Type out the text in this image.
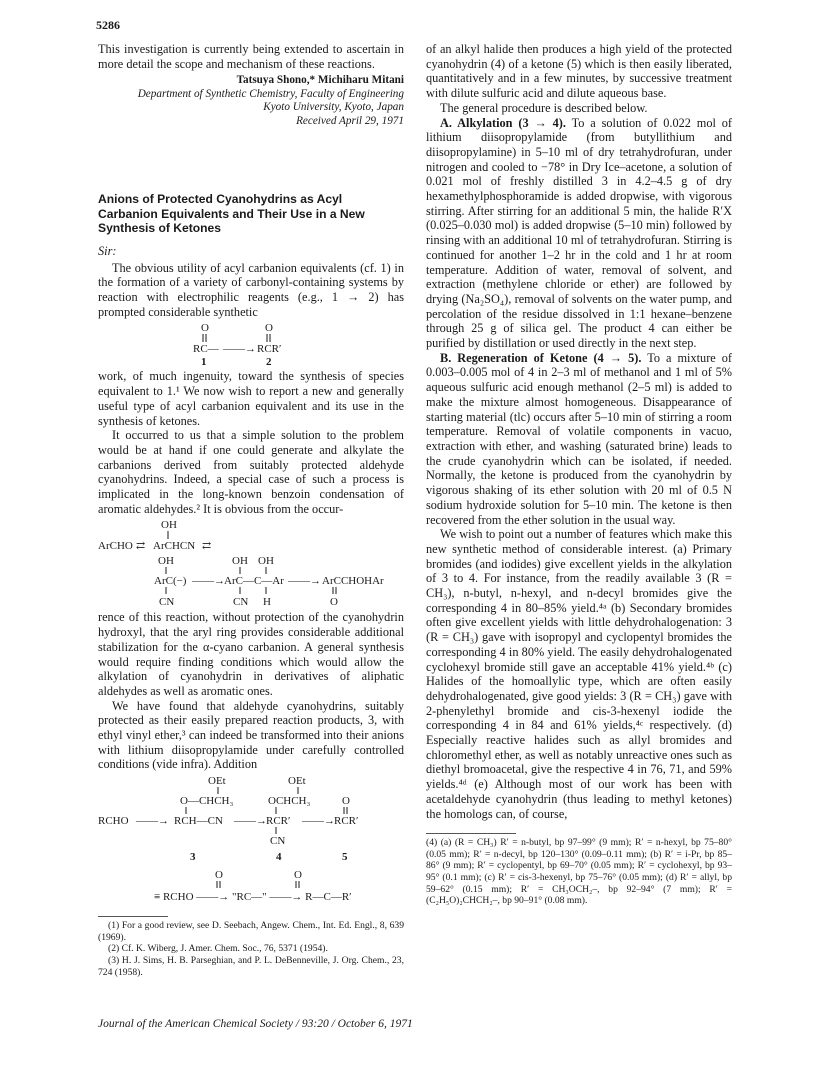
5286

This investigation is currently being extended to ascertain in more detail the scope and mechanism of these reactions.

Tatsuya Shono,* Michiharu Mitani
Department of Synthetic Chemistry, Faculty of Engineering
Kyoto University, Kyoto, Japan
Received April 29, 1971
Anions of Protected Cyanohydrins as Acyl Carbanion Equivalents and Their Use in a New Synthesis of Ketones
Sir:

The obvious utility of acyl carbanion equivalents (cf. 1) in the formation of a variety of carbonyl-containing systems by reaction with electrophilic reagents (e.g., 1 → 2) has prompted considerable synthetic

O	O
RC— ——→ RCR′
1	2

work, of much ingenuity, toward the synthesis of species equivalent to 1.¹ We now wish to report a new and generally useful type of acyl carbanion equivalent and its use in the synthesis of ketones.

It occurred to us that a simple solution to the problem would be at hand if one could generate and alkylate the carbanions derived from suitably protected aldehyde cyanohydrins. Indeed, a special case of such a process is implicated in the long-known benzoin condensation of aromatic aldehydes.² It is obvious from the occur-

OH
ArCHO ⇄ ArCHCN ⇄
OH	OH OH
ArC(−) ——→ ArC—C—Ar ——→ ArCCHOHAr
CN	CN H	O

rence of this reaction, without protection of the cyanohydrin hydroxyl, that the aryl ring provides considerable additional stabilization for the α-cyano carbanion. A general synthesis would require finding conditions which would allow the alkylation of cyanohydrin in derivatives of aliphatic aldehydes as well as aromatic ones.

We have found that aldehyde cyanohydrins, suitably protected as their easily prepared reaction products, 3, with ethyl vinyl ether,³ can indeed be transformed into their anions with lithium diisopropylamide under carefully controlled conditions (vide infra). Addition

OEt	OEt
O—CHCH₃	OCHCH₃	O
RCHO ——→ RCH—CN ——→ RCR′ ——→ RCR′
CN
3	4	5
O	O
≡ RCHO ——→ "RC—" ——→ R—C—R′
(1) For a good review, see D. Seebach, Angew. Chem., Int. Ed. Engl., 8, 639 (1969).
(2) Cf. K. Wiberg, J. Amer. Chem. Soc., 76, 5371 (1954).
(3) H. J. Sims, H. B. Parseghian, and P. L. DeBenneville, J. Org. Chem., 23, 724 (1958).

of an alkyl halide then produces a high yield of the protected cyanohydrin (4) of a ketone (5) which is then easily liberated, quantitatively and in a few minutes, by successive treatment with dilute sulfuric acid and dilute aqueous base.

The general procedure is described below.

A. Alkylation (3 → 4). To a solution of 0.022 mol of lithium diisopropylamide (from butyllithium and diisopropylamine) in 5–10 ml of dry tetrahydrofuran, under nitrogen and cooled to −78° in Dry Ice–acetone, a solution of 0.021 mol of freshly distilled 3 in 4.2–4.5 g of dry hexamethylphosphoramide is added dropwise, with vigorous stirring. After stirring for an additional 5 min, the halide R′X (0.025–0.030 mol) is added dropwise (5–10 min) followed by rinsing with an additional 10 ml of tetrahydrofuran. Stirring is continued for another 1–2 hr in the cold and 1 hr at room temperature. Addition of water, removal of solvent, and extraction (methylene chloride or ether) are followed by drying (Na₂SO₄), removal of solvents on the water pump, and percolation of the residue dissolved in 1:1 hexane–benzene through 25 g of silica gel. The product 4 can either be purified by distillation or used directly in the next step.

B. Regeneration of Ketone (4 → 5). To a mixture of 0.003–0.005 mol of 4 in 2–3 ml of methanol and 1 ml of 5% aqueous sulfuric acid enough methanol (2–5 ml) is added to make the mixture almost homogeneous. Disappearance of starting material (tlc) occurs after 5–10 min of stirring a room temperature. Removal of volatile components in vacuo, extraction with ether, and washing (saturated brine) leads to the crude cyanohydrin which can be isolated, if needed. Normally, the ketone is produced from the cyanohydrin by vigorous shaking of its ether solution with 20 ml of 0.5 N sodium hydroxide solution for 5–10 min. The ketone is then recovered from the ether solution in the usual way.

We wish to point out a number of features which make this new synthetic method of considerable interest. (a) Primary bromides (and iodides) give excellent yields in the alkylation of 3 to 4. For instance, from the readily available 3 (R = CH₃), n-butyl, n-hexyl, and n-decyl bromides give the corresponding 4 in 80–85% yield.⁴ᵃ (b) Secondary bromides often give excellent yields with little dehydrohalogenation: 3 (R = CH₃) gave with isopropyl and cyclopentyl bromides the corresponding 4 in 80% yield. The easily dehydrohalogenated cyclohexyl bromide still gave an acceptable 41% yield.⁴ᵇ (c) Halides of the homoallylic type, which are often easily dehydrohalogenated, give good yields: 3 (R = CH₃) gave with 2-phenylethyl bromide and cis-3-hexenyl iodide the corresponding 4 in 84 and 61% yields,⁴ᶜ respectively. (d) Especially reactive halides such as allyl bromides and chloromethyl ether, as well as notably unreactive ones such as diethyl bromoacetal, give the respective 4 in 76, 71, and 59% yields.⁴ᵈ (e) Although most of our work has been with acetaldehyde cyanohydrin (thus leading to methyl ketones) the homologs can, of course,

(4) (a) (R = CH₃) R′ = n-butyl, bp 97–99° (9 mm); R′ = n-hexyl, bp 75–80° (0.05 mm); R′ = n-decyl, bp 120–130° (0.09–0.11 mm); (b) R′ = i-Pr, bp 85–86° (9 mm); R′ = cyclopentyl, bp 69–70° (0.05 mm); R′ = cyclohexyl, bp 93–95° (0.1 mm); (c) R′ = cis-3-hexenyl, bp 75–76° (0.05 mm); (d) R′ = allyl, bp 59–62° (0.15 mm); R′ = CH₃OCH₂–, bp 92–94° (7 mm); R′ = (C₂H₅O)₂CHCH₂–, bp 90–91° (0.08 mm).
Journal of the American Chemical Society / 93:20 / October 6, 1971
